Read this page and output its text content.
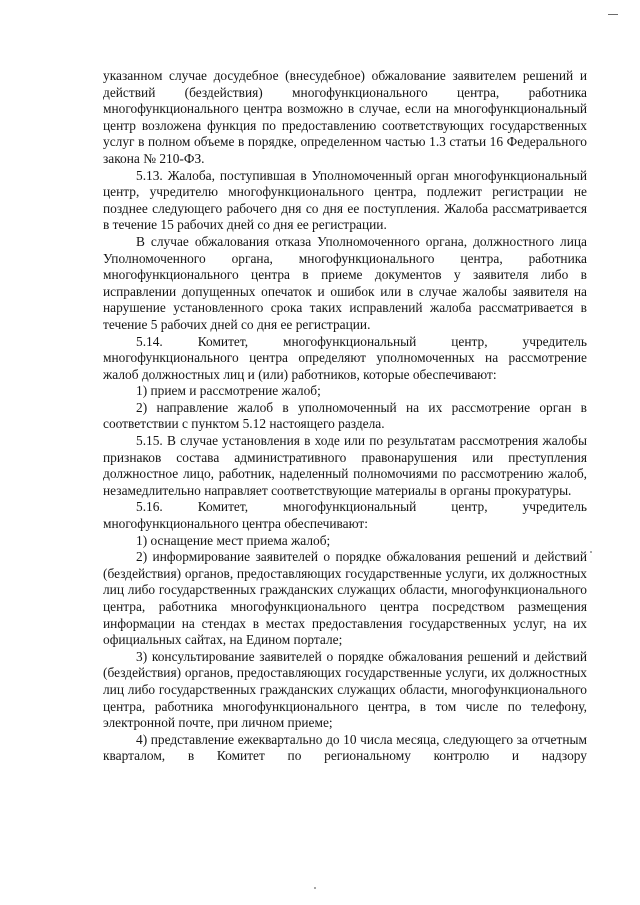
указанном случае досудебное (внесудебное) обжалование заявителем решений и действий (бездействия) многофункционального центра, работника многофункционального центра возможно в случае, если на многофункциональный центр возложена функция по предоставлению соответствующих государственных услуг в полном объеме в порядке, определенном частью 1.3 статьи 16 Федерального закона № 210-ФЗ.

5.13. Жалоба, поступившая в Уполномоченный орган многофункциональный центр, учредителю многофункционального центра, подлежит регистрации не позднее следующего рабочего дня со дня ее поступления. Жалоба рассматривается в течение 15 рабочих дней со дня ее регистрации.

В случае обжалования отказа Уполномоченного органа, должностного лица Уполномоченного органа, многофункционального центра, работника многофункционального центра в приеме документов у заявителя либо в исправлении допущенных опечаток и ошибок или в случае жалобы заявителя на нарушение установленного срока таких исправлений жалоба рассматривается в течение 5 рабочих дней со дня ее регистрации.

5.14. Комитет, многофункциональный центр, учредитель многофункционального центра определяют уполномоченных на рассмотрение жалоб должностных лиц и (или) работников, которые обеспечивают:

1) прием и рассмотрение жалоб;

2) направление жалоб в уполномоченный на их рассмотрение орган в соответствии с пунктом 5.12 настоящего раздела.

5.15. В случае установления в ходе или по результатам рассмотрения жалобы признаков состава административного правонарушения или преступления должностное лицо, работник, наделенный полномочиями по рассмотрению жалоб, незамедлительно направляет соответствующие материалы в органы прокуратуры.

5.16. Комитет, многофункциональный центр, учредитель многофункционального центра обеспечивают:

1) оснащение мест приема жалоб;

2) информирование заявителей о порядке обжалования решений и действий (бездействия) органов, предоставляющих государственные услуги, их должностных лиц либо государственных гражданских служащих области, многофункционального центра, работника многофункционального центра посредством размещения информации на стендах в местах предоставления государственных услуг, на их официальных сайтах, на Едином портале;

3) консультирование заявителей о порядке обжалования решений и действий (бездействия) органов, предоставляющих государственные услуги, их должностных лиц либо государственных гражданских служащих области, многофункционального центра, работника многофункционального центра, в том числе по телефону, электронной почте, при личном приеме;

4) представление ежеквартально до 10 числа месяца, следующего за отчетным кварталом, в Комитет по региональному контролю и надзору
